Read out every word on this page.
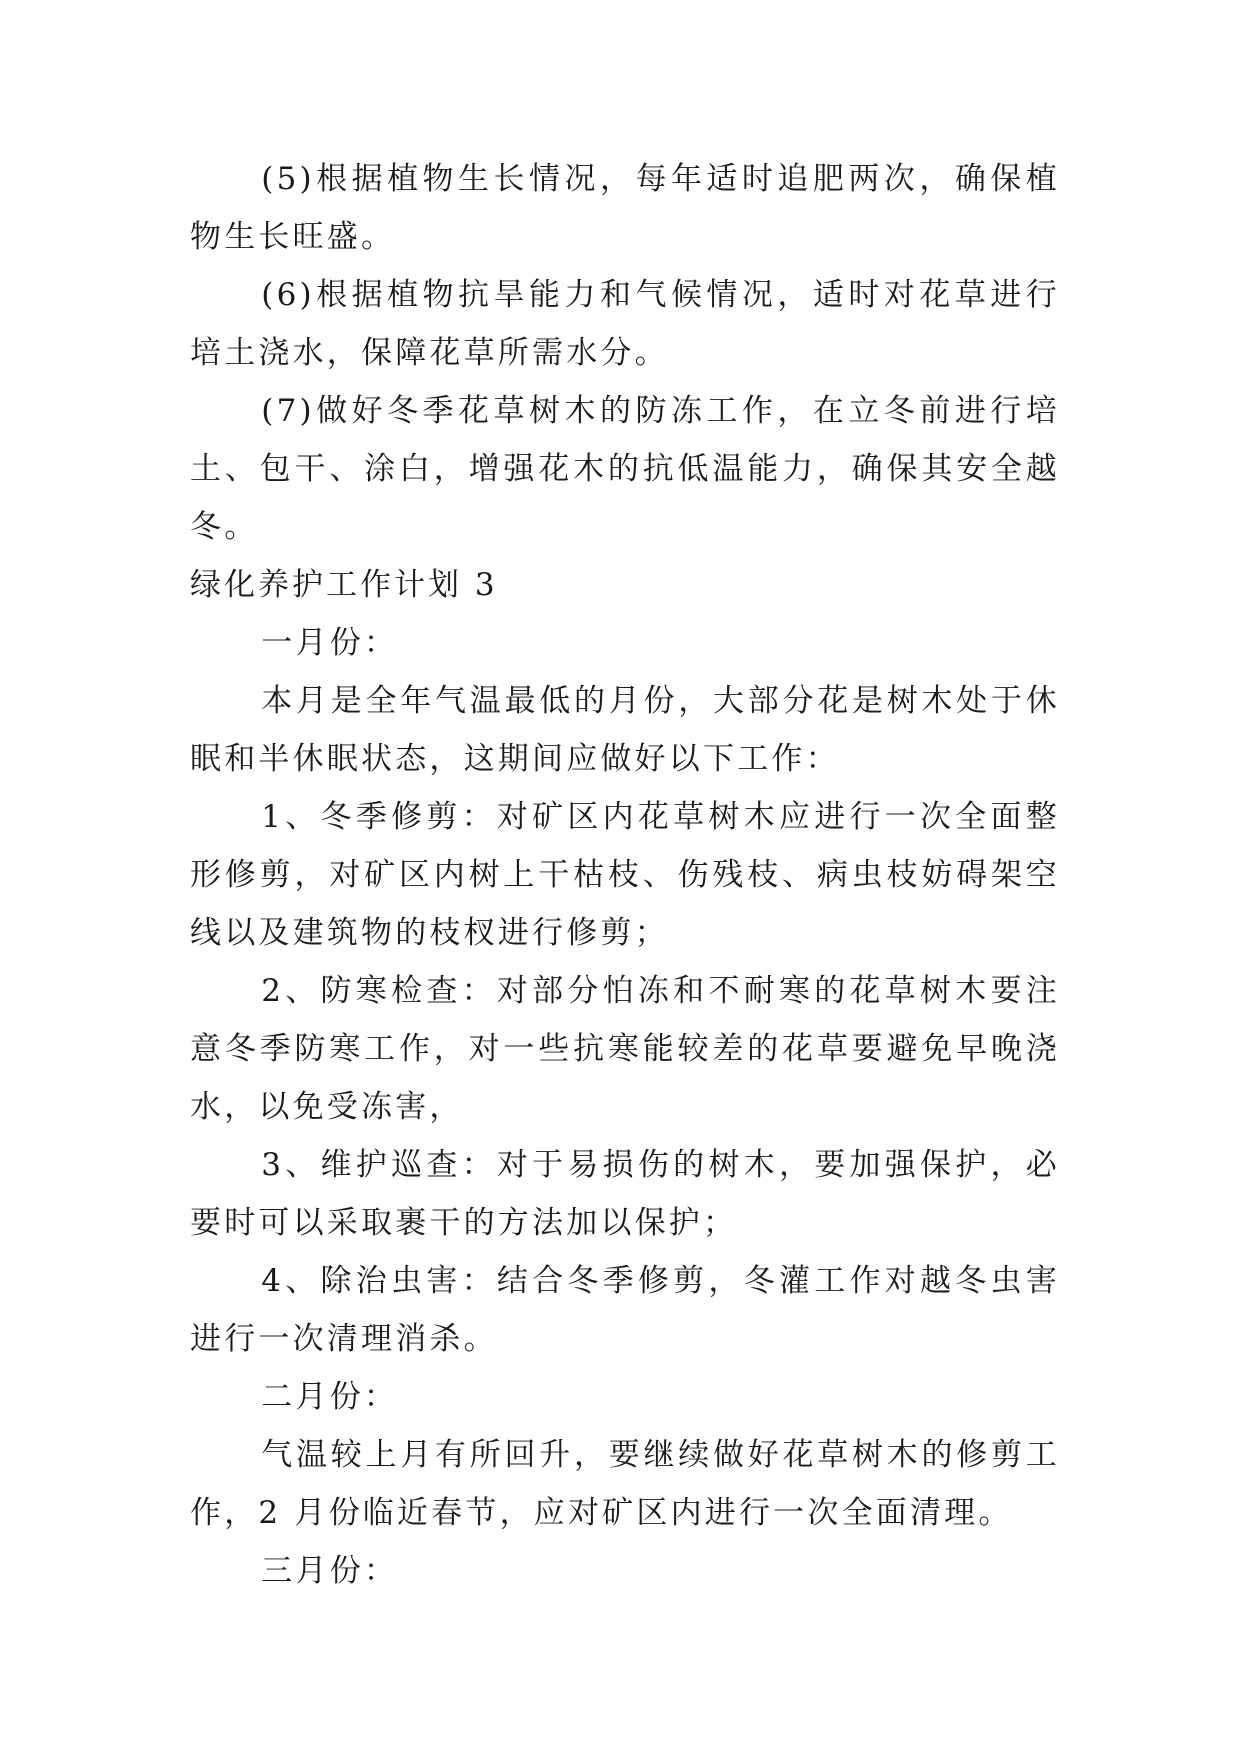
(5)根据植物生长情况，每年适时追肥两次，确保植物生长旺盛。

(6)根据植物抗旱能力和气候情况，适时对花草进行培土浇水，保障花草所需水分。

(7)做好冬季花草树木的防冻工作，在立冬前进行培土、包干、涂白，增强花木的抗低温能力，确保其安全越冬。

绿化养护工作计划 3

一月份：

本月是全年气温最低的月份，大部分花是树木处于休眠和半休眠状态，这期间应做好以下工作：

1、冬季修剪：对矿区内花草树木应进行一次全面整形修剪，对矿区内树上干枯枝、伤残枝、病虫枝妨碍架空线以及建筑物的枝杈进行修剪；

2、防寒检查：对部分怕冻和不耐寒的花草树木要注意冬季防寒工作，对一些抗寒能较差的花草要避免早晚浇水，以免受冻害，

3、维护巡查：对于易损伤的树木，要加强保护，必要时可以采取裹干的方法加以保护；

4、除治虫害：结合冬季修剪，冬灌工作对越冬虫害进行一次清理消杀。

二月份：

气温较上月有所回升，要继续做好花草树木的修剪工作，2 月份临近春节，应对矿区内进行一次全面清理。

三月份：
